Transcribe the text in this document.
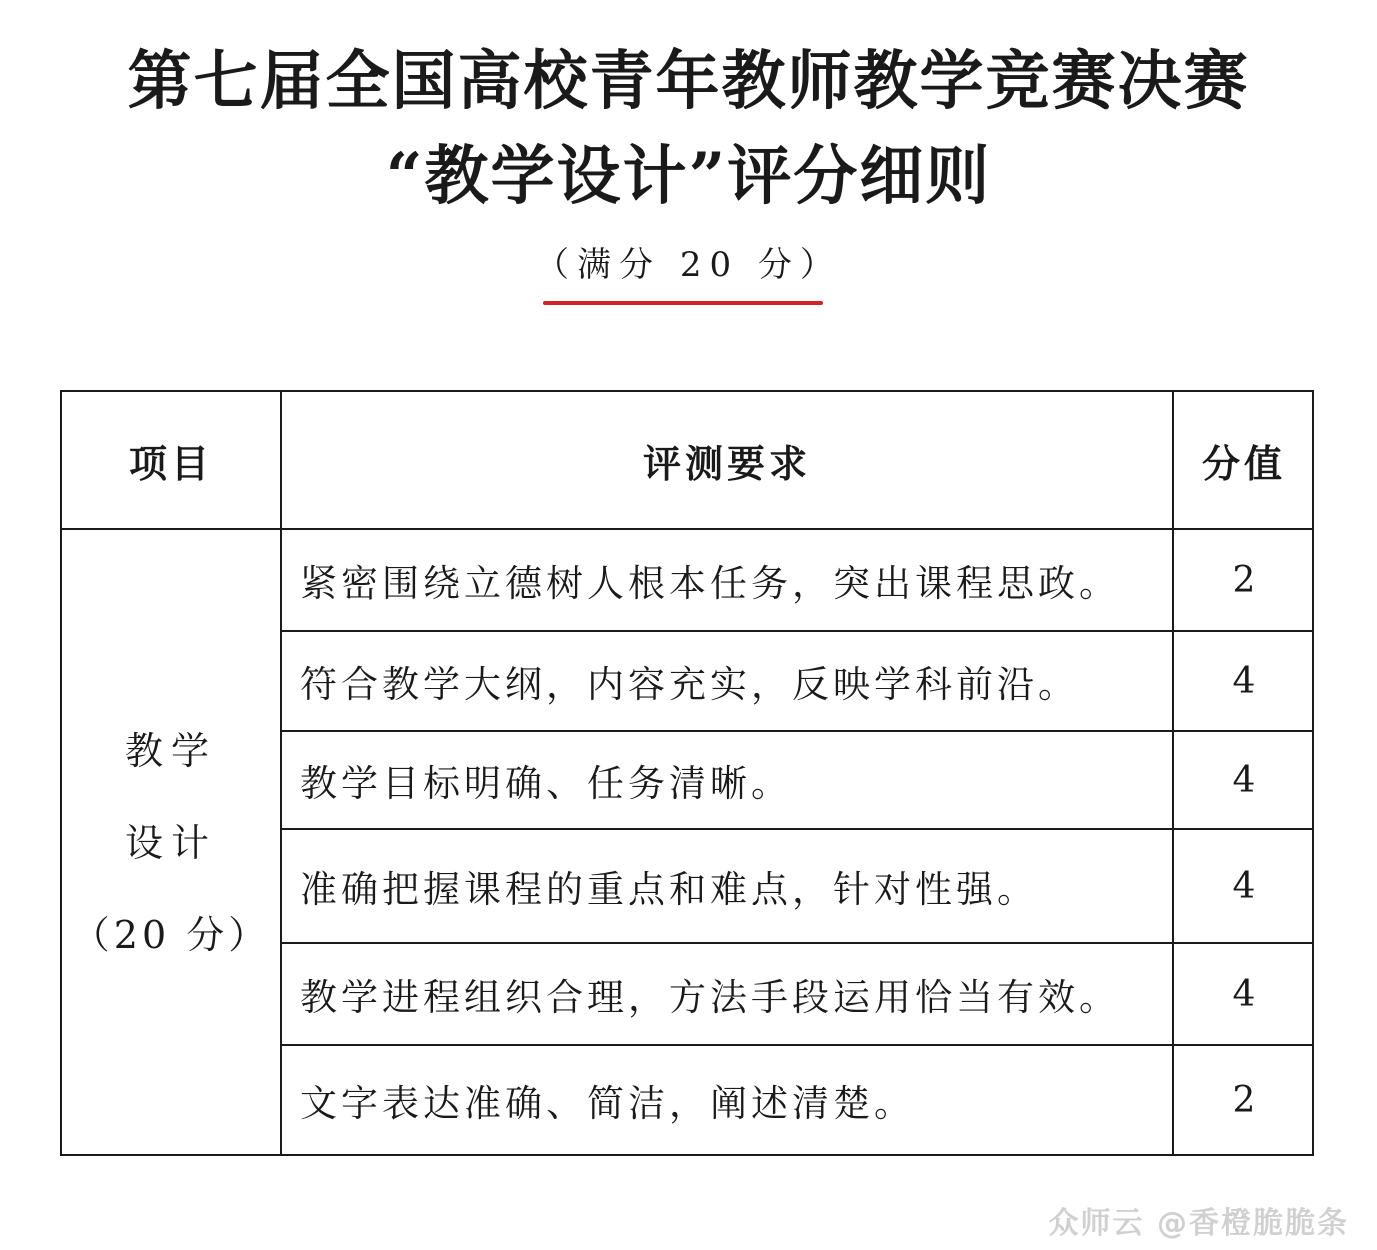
第七届全国高校青年教师教学竞赛决赛
“教学设计”评分细则
（满分 20 分）
项目	评测要求	分值
教学
设计
（20 分）
紧密围绕立德树人根本任务，突出课程思政。	2
符合教学大纲，内容充实，反映学科前沿。	4
教学目标明确、任务清晰。	4
准确把握课程的重点和难点，针对性强。	4
教学进程组织合理，方法手段运用恰当有效。	4
文字表达准确、简洁，阐述清楚。	2
众师云 @香橙脆脆条
